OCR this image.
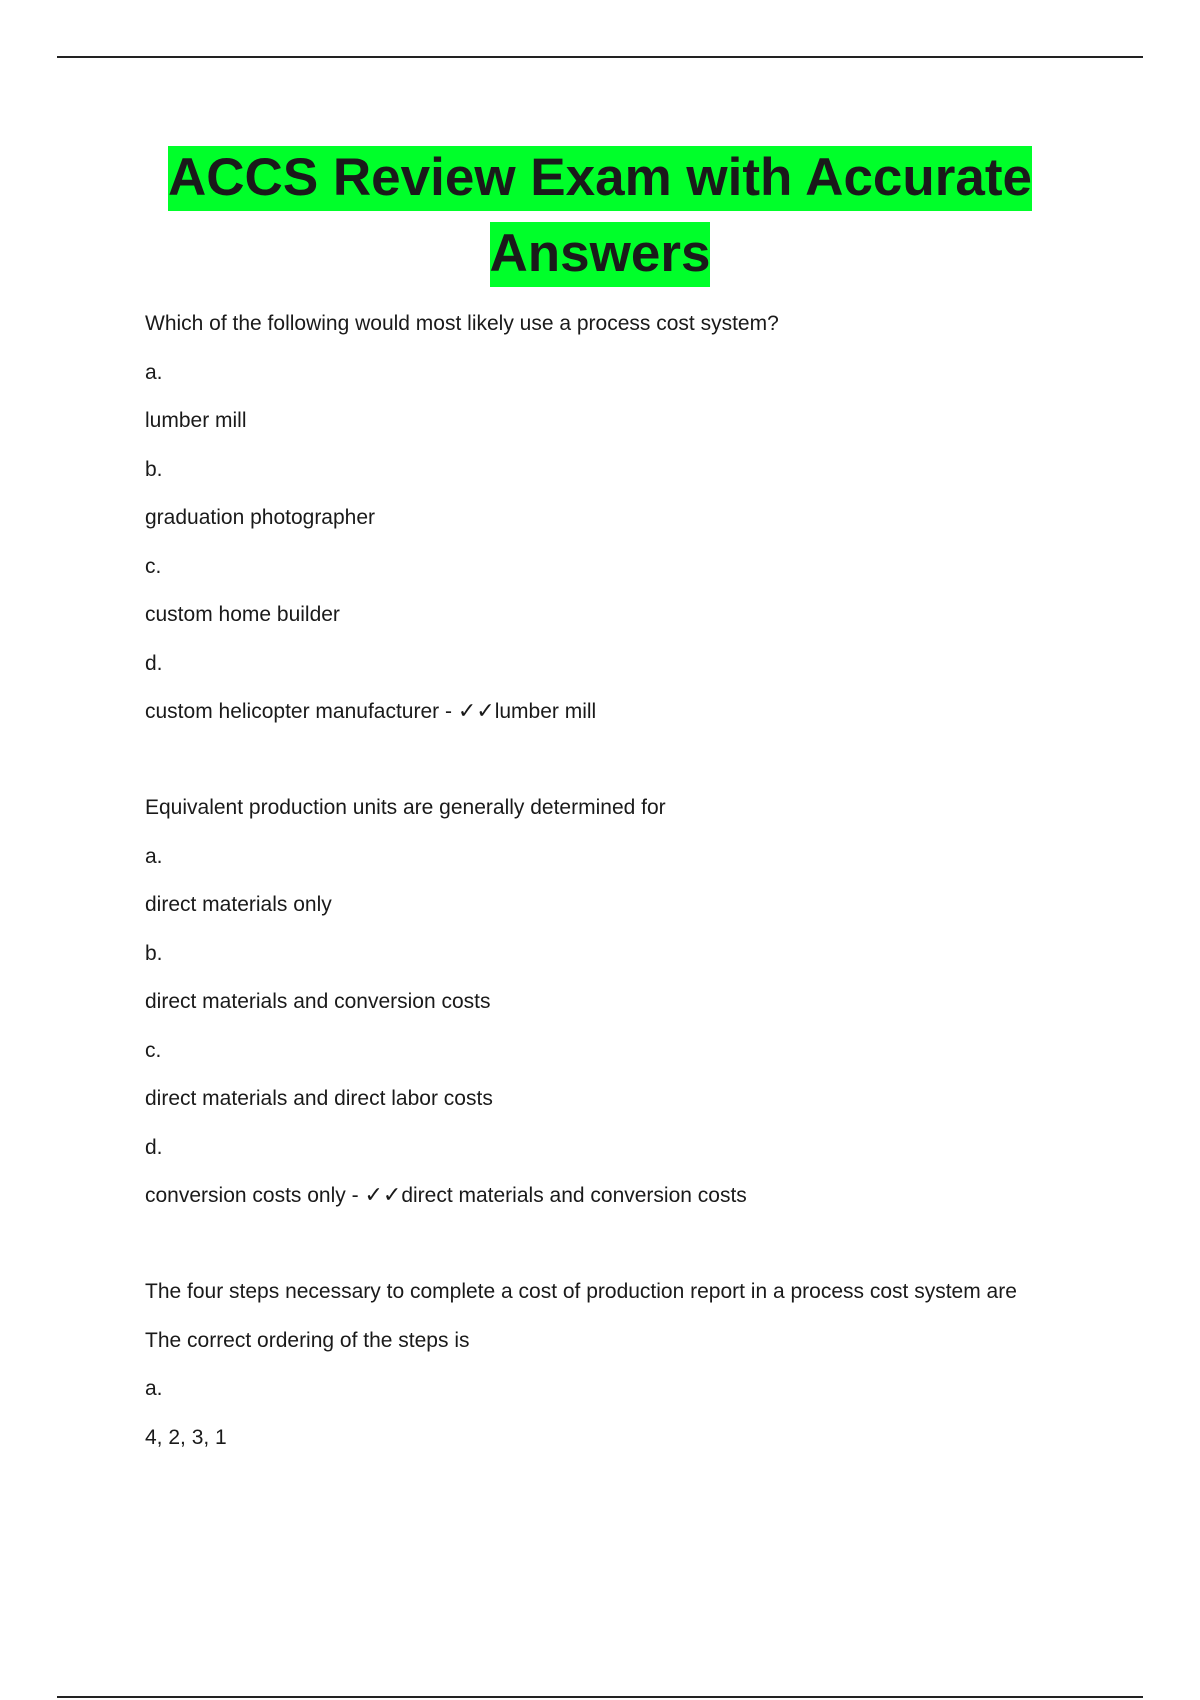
ACCS Review Exam with Accurate
Answers
Which of the following would most likely use a process cost system?
a.
lumber mill
b.
graduation photographer
c.
custom home builder
d.
custom helicopter manufacturer - ✓✓lumber mill
Equivalent production units are generally determined for
a.
direct materials only
b.
direct materials and conversion costs
c.
direct materials and direct labor costs
d.
conversion costs only - ✓✓direct materials and conversion costs
The four steps necessary to complete a cost of production report in a process cost system are
The correct ordering of the steps is
a.
4, 2, 3, 1
